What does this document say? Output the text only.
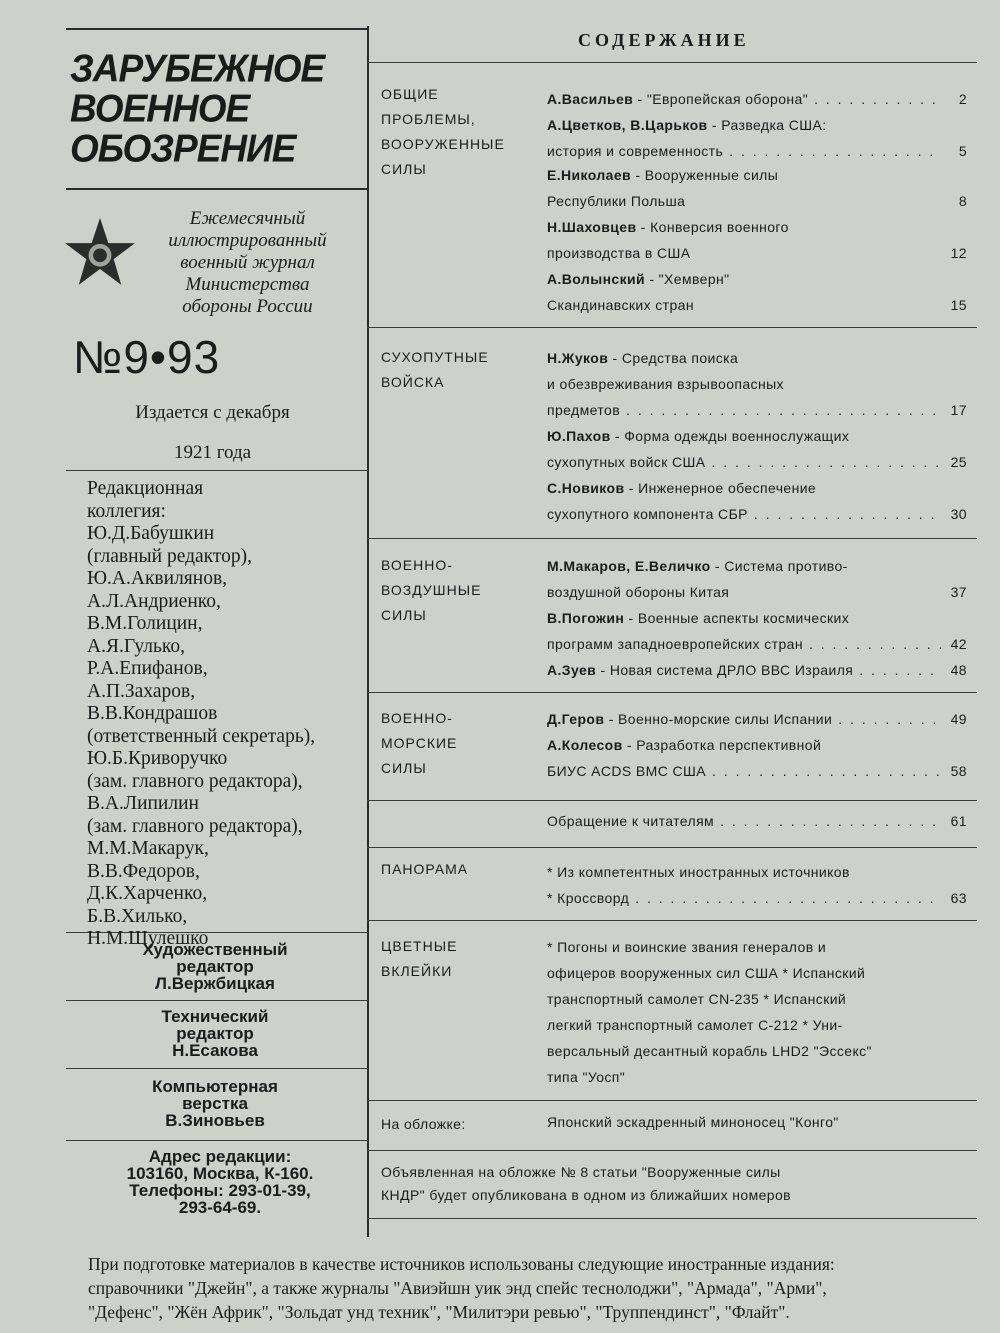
ЗАРУБЕЖНОЕ
ВОЕННОЕ
ОБОЗРЕНИЕ
Ежемесячный
иллюстрированный
военный журнал
Министерства
обороны России
№9•93
Издается с декабря
1921 года
Редакционная
коллегия:
Ю.Д.Бабушкин
(главный редактор),
Ю.А.Аквилянов,
А.Л.Андриенко,
В.М.Голицин,
А.Я.Гулько,
Р.А.Епифанов,
А.П.Захаров,
В.В.Кондрашов
(ответственный секретарь),
Ю.Б.Криворучко
(зам. главного редактора),
В.А.Липилин
(зам. главного редактора),
М.М.Макарук,
В.В.Федоров,
Д.К.Харченко,
Б.В.Хилько,
Н.М.Шулешко
Художественный
редактор
Л.Вержбицкая
Технический
редактор
Н.Есакова
Компьютерная
верстка
В.Зиновьев
Адрес редакции:
103160, Москва, К-160.
Телефоны: 293-01-39,
293-64-69.
СОДЕРЖАНИЕ
ОБЩИЕ
ПРОБЛЕМЫ,
ВООРУЖЕННЫЕ
СИЛЫ
А.Васильев - "Европейская оборона" . . .	2
А.Цветков, В.Царьков - Разведка США:
история и современность . . .	5
Е.Николаев - Вооруженные силы
Республики Польша	8
Н.Шаховцев - Конверсия военного
производства в США	12
А.Волынский - "Хемверн"
Скандинавских стран	15
СУХОПУТНЫЕ
ВОЙСКА
Н.Жуков - Средства поиска
и обезвреживания взрывоопасных
предметов . . .	17
Ю.Пахов - Форма одежды военнослужащих
сухопутных войск США . . .	25
С.Новиков - Инженерное обеспечение
сухопутного компонента СБР . . .	30
ВОЕННО-
ВОЗДУШНЫЕ
СИЛЫ
М.Макаров, Е.Величко - Система противо-
воздушной обороны Китая	37
В.Погожин - Военные аспекты космических
программ западноевропейских стран . . .	42
А.Зуев - Новая система ДРЛО ВВС Израиля . . .	48
ВОЕННО-
МОРСКИЕ
СИЛЫ
Д.Геров - Военно-морские силы Испании . . .	49
А.Колесов - Разработка перспективной
БИУС ACDS ВМС США . . .	58
Обращение к читателям . . .	61
ПАНОРАМА	* Из компетентных иностранных источников
* Кроссворд . . .	63
ЦВЕТНЫЕ
ВКЛЕЙКИ
* Погоны и воинские звания генералов и
офицеров вооруженных сил США * Испанский
транспортный самолет CN-235 * Испанский
легкий транспортный самолет С-212 * Уни-
версальный десантный корабль LHD2 "Эссекс"
типа "Уосп"
На обложке:	Японский эскадренный миноносец "Конго"
Объявленная на обложке № 8 статьи "Вооруженные силы
КНДР" будет опубликована в одном из ближайших номеров
При подготовке материалов в качестве источников использованы следующие иностранные издания:
справочники "Джейн", а также журналы "Авиэйшн уик энд спейс теснолоджи", "Армада", "Арми",
"Дефенс", "Жён Африк", "Зольдат унд техник", "Милитэри ревью", "Труппендинст", "Флайт".
